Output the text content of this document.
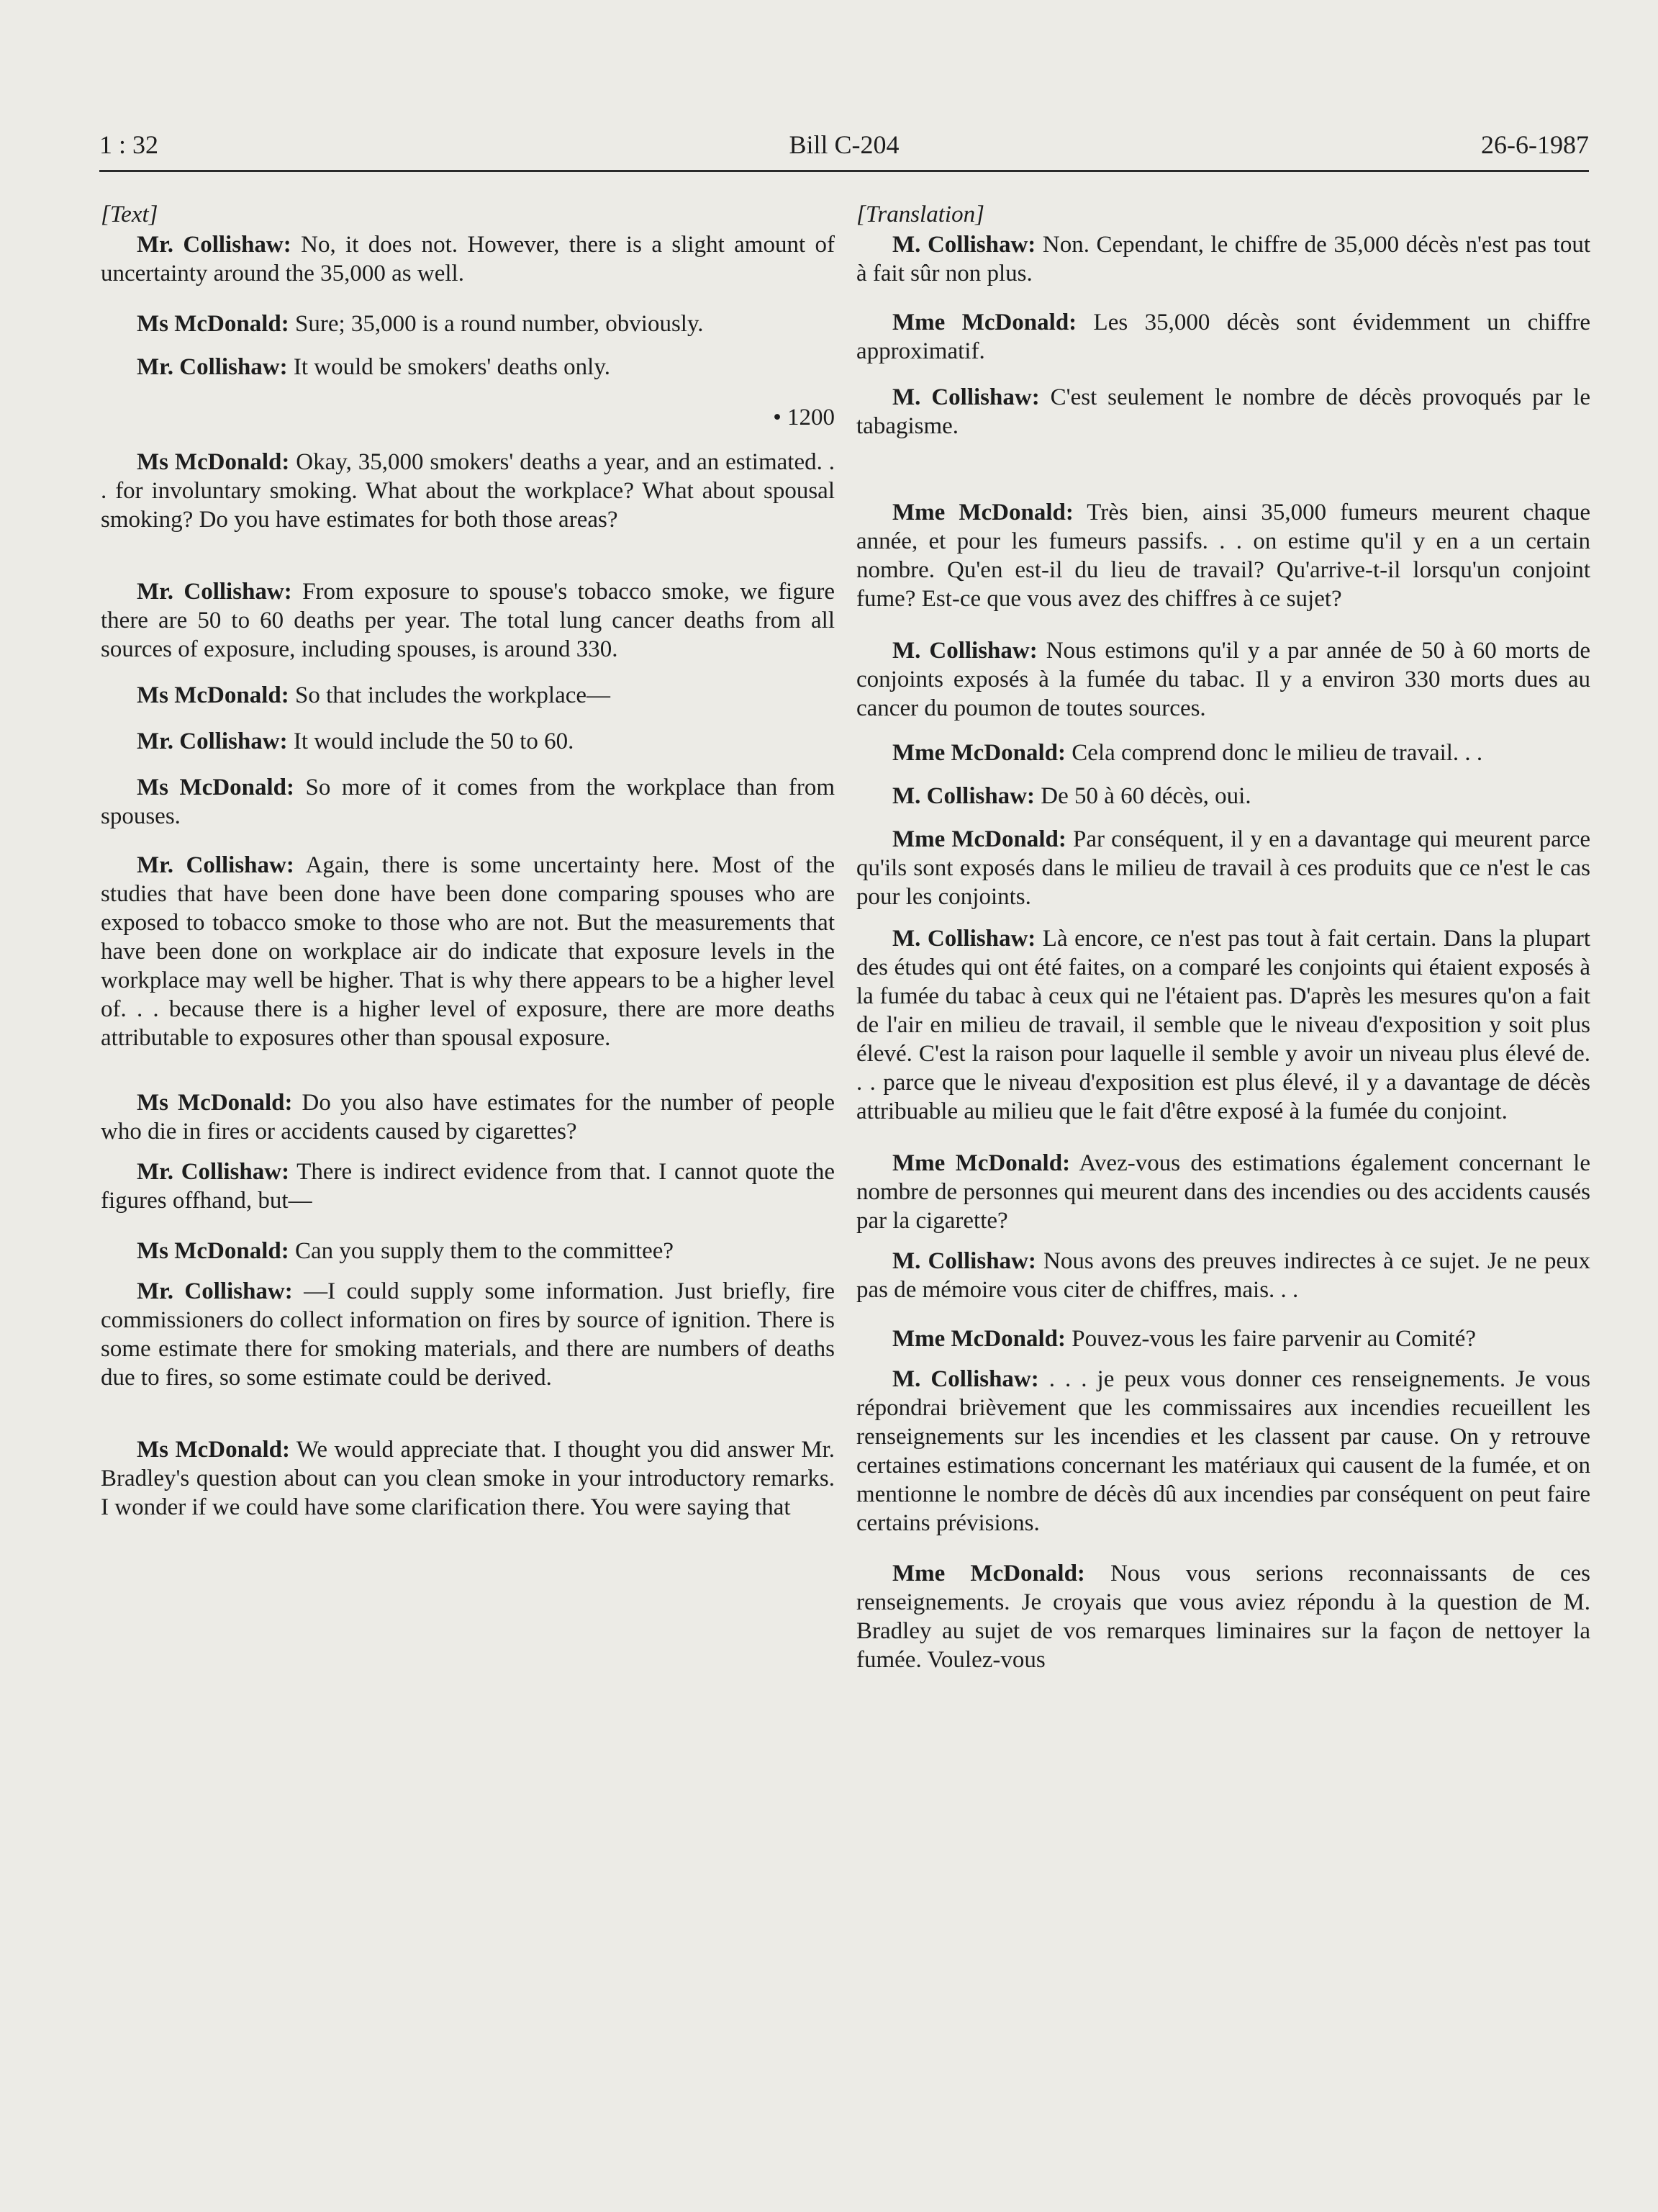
1 : 32	Bill C-204	26-6-1987
[Text]

Mr. Collishaw: No, it does not. However, there is a slight amount of uncertainty around the 35,000 as well.

Ms McDonald: Sure; 35,000 is a round number, obviously.

Mr. Collishaw: It would be smokers' deaths only.

• 1200

Ms McDonald: Okay, 35,000 smokers' deaths a year, and an estimated. . . for involuntary smoking. What about the workplace? What about spousal smoking? Do you have estimates for both those areas?

Mr. Collishaw: From exposure to spouse's tobacco smoke, we figure there are 50 to 60 deaths per year. The total lung cancer deaths from all sources of exposure, including spouses, is around 330.

Ms McDonald: So that includes the workplace—

Mr. Collishaw: It would include the 50 to 60.

Ms McDonald: So more of it comes from the workplace than from spouses.

Mr. Collishaw: Again, there is some uncertainty here. Most of the studies that have been done have been done comparing spouses who are exposed to tobacco smoke to those who are not. But the measurements that have been done on workplace air do indicate that exposure levels in the workplace may well be higher. That is why there appears to be a higher level of. . . because there is a higher level of exposure, there are more deaths attributable to exposures other than spousal exposure.

Ms McDonald: Do you also have estimates for the number of people who die in fires or accidents caused by cigarettes?

Mr. Collishaw: There is indirect evidence from that. I cannot quote the figures offhand, but—

Ms McDonald: Can you supply them to the committee?

Mr. Collishaw: —I could supply some information. Just briefly, fire commissioners do collect information on fires by source of ignition. There is some estimate there for smoking materials, and there are numbers of deaths due to fires, so some estimate could be derived.

Ms McDonald: We would appreciate that. I thought you did answer Mr. Bradley's question about can you clean smoke in your introductory remarks. I wonder if we could have some clarification there. You were saying that

[Translation]

M. Collishaw: Non. Cependant, le chiffre de 35,000 décès n'est pas tout à fait sûr non plus.

Mme McDonald: Les 35,000 décès sont évidemment un chiffre approximatif.

M. Collishaw: C'est seulement le nombre de décès provoqués par le tabagisme.

Mme McDonald: Très bien, ainsi 35,000 fumeurs meurent chaque année, et pour les fumeurs passifs. . . on estime qu'il y en a un certain nombre. Qu'en est-il du lieu de travail? Qu'arrive-t-il lorsqu'un conjoint fume? Est-ce que vous avez des chiffres à ce sujet?

M. Collishaw: Nous estimons qu'il y a par année de 50 à 60 morts de conjoints exposés à la fumée du tabac. Il y a environ 330 morts dues au cancer du poumon de toutes sources.

Mme McDonald: Cela comprend donc le milieu de travail. . .

M. Collishaw: De 50 à 60 décès, oui.

Mme McDonald: Par conséquent, il y en a davantage qui meurent parce qu'ils sont exposés dans le milieu de travail à ces produits que ce n'est le cas pour les conjoints.

M. Collishaw: Là encore, ce n'est pas tout à fait certain. Dans la plupart des études qui ont été faites, on a comparé les conjoints qui étaient exposés à la fumée du tabac à ceux qui ne l'étaient pas. D'après les mesures qu'on a fait de l'air en milieu de travail, il semble que le niveau d'exposition y soit plus élevé. C'est la raison pour laquelle il semble y avoir un niveau plus élevé de. . . parce que le niveau d'exposition est plus élevé, il y a davantage de décès attribuable au milieu que le fait d'être exposé à la fumée du conjoint.

Mme McDonald: Avez-vous des estimations également concernant le nombre de personnes qui meurent dans des incendies ou des accidents causés par la cigarette?

M. Collishaw: Nous avons des preuves indirectes à ce sujet. Je ne peux pas de mémoire vous citer de chiffres, mais. . .

Mme McDonald: Pouvez-vous les faire parvenir au Comité?

M. Collishaw: . . . je peux vous donner ces renseignements. Je vous répondrai brièvement que les commissaires aux incendies recueillent les renseignements sur les incendies et les classent par cause. On y retrouve certaines estimations concernant les matériaux qui causent de la fumée, et on mentionne le nombre de décès dû aux incendies par conséquent on peut faire certains prévisions.

Mme McDonald: Nous vous serions reconnaissants de ces renseignements. Je croyais que vous aviez répondu à la question de M. Bradley au sujet de vos remarques liminaires sur la façon de nettoyer la fumée. Voulez-vous
